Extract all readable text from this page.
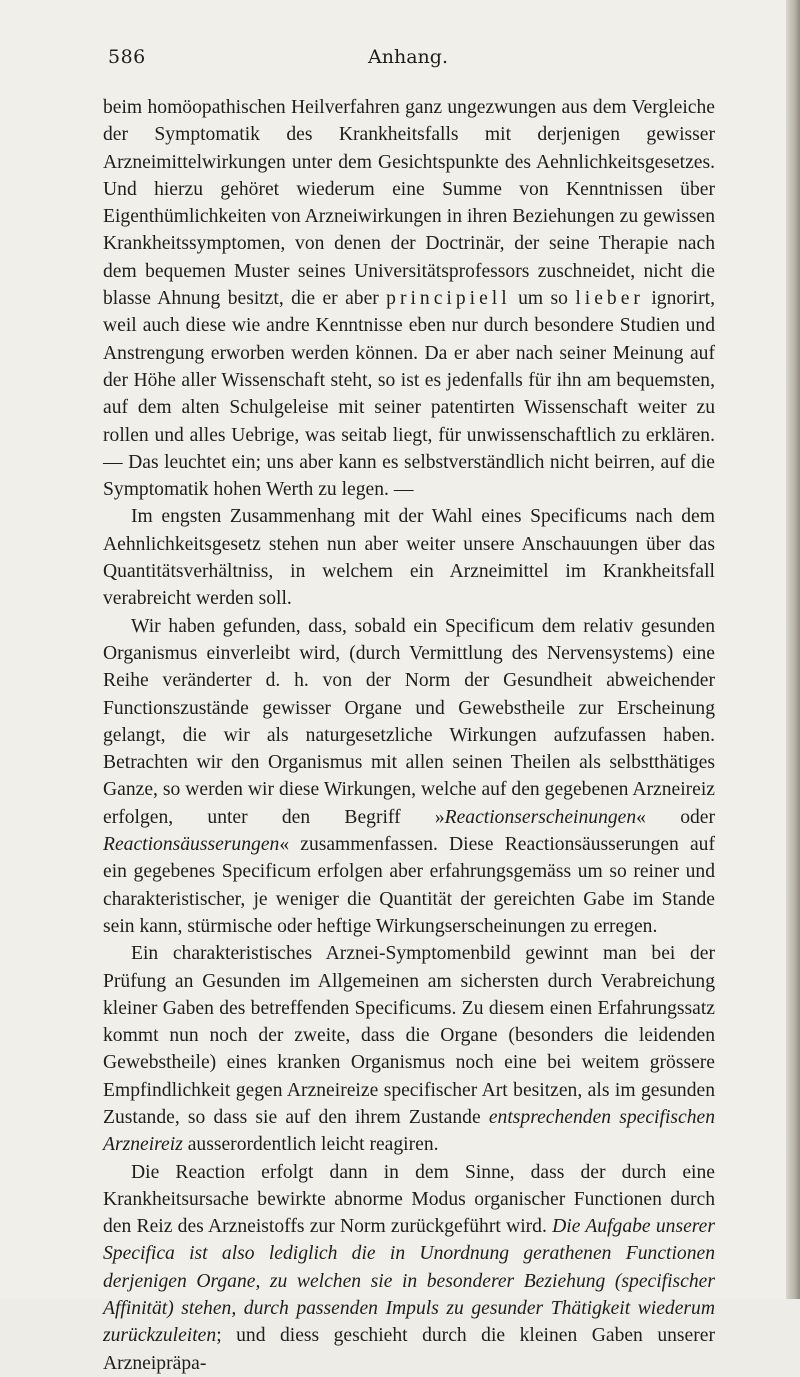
586	Anhang.

beim homöopathischen Heilverfahren ganz ungezwungen aus dem Vergleiche der Symptomatik des Krankheitsfalls mit derjenigen gewisser Arzneimittelwirkungen unter dem Gesichtspunkte des Aehnlichkeitsgesetzes. Und hierzu gehöret wiederum eine Summe von Kenntnissen über Eigenthümlichkeiten von Arzneiwirkungen in ihren Beziehungen zu gewissen Krankheitssymptomen, von denen der Doctrinär, der seine Therapie nach dem bequemen Muster seines Universitätsprofessors zuschneidet, nicht die blasse Ahnung besitzt, die er aber principiell um so lieber ignorirt, weil auch diese wie andre Kenntnisse eben nur durch besondere Studien und Anstrengung erworben werden können. Da er aber nach seiner Meinung auf der Höhe aller Wissenschaft steht, so ist es jedenfalls für ihn am bequemsten, auf dem alten Schulgeleise mit seiner patentirten Wissenschaft weiter zu rollen und alles Uebrige, was seitab liegt, für unwissenschaftlich zu erklären. — Das leuchtet ein; uns aber kann es selbstverständlich nicht beirren, auf die Symptomatik hohen Werth zu legen. —

Im engsten Zusammenhang mit der Wahl eines Specificums nach dem Aehnlichkeitsgesetz stehen nun aber weiter unsere Anschauungen über das Quantitätsverhältniss, in welchem ein Arzneimittel im Krankheitsfall verabreicht werden soll.

Wir haben gefunden, dass, sobald ein Specificum dem relativ gesunden Organismus einverleibt wird, (durch Vermittlung des Nervensystems) eine Reihe veränderter d. h. von der Norm der Gesundheit abweichender Functionszustände gewisser Organe und Gewebstheile zur Erscheinung gelangt, die wir als naturgesetzliche Wirkungen aufzufassen haben. Betrachten wir den Organismus mit allen seinen Theilen als selbstthätiges Ganze, so werden wir diese Wirkungen, welche auf den gegebenen Arzneireiz erfolgen, unter den Begriff »Reactionserscheinungen« oder Reactionsäusserungen« zusammenfassen. Diese Reactionsäusserungen auf ein gegebenes Specificum erfolgen aber erfahrungsgemäss um so reiner und charakteristischer, je weniger die Quantität der gereichten Gabe im Stande sein kann, stürmische oder heftige Wirkungserscheinungen zu erregen.

Ein charakteristisches Arznei-Symptomenbild gewinnt man bei der Prüfung an Gesunden im Allgemeinen am sichersten durch Verabreichung kleiner Gaben des betreffenden Specificums. Zu diesem einen Erfahrungssatz kommt nun noch der zweite, dass die Organe (besonders die leidenden Gewebstheile) eines kranken Organismus noch eine bei weitem grössere Empfindlichkeit gegen Arzneireize specifischer Art besitzen, als im gesunden Zustande, so dass sie auf den ihrem Zustande entsprechenden specifischen Arzneireiz ausserordentlich leicht reagiren.

Die Reaction erfolgt dann in dem Sinne, dass der durch eine Krankheitsursache bewirkte abnorme Modus organischer Functionen durch den Reiz des Arzneistoffs zur Norm zurückgeführt wird. Die Aufgabe unserer Specifica ist also lediglich die in Unordnung gerathenen Functionen derjenigen Organe, zu welchen sie in besonderer Beziehung (specifischer Affinität) stehen, durch passenden Impuls zu gesunder Thätigkeit wiederum zurückzuleiten; und diess geschieht durch die kleinen Gaben unserer Arzneipräpa-
